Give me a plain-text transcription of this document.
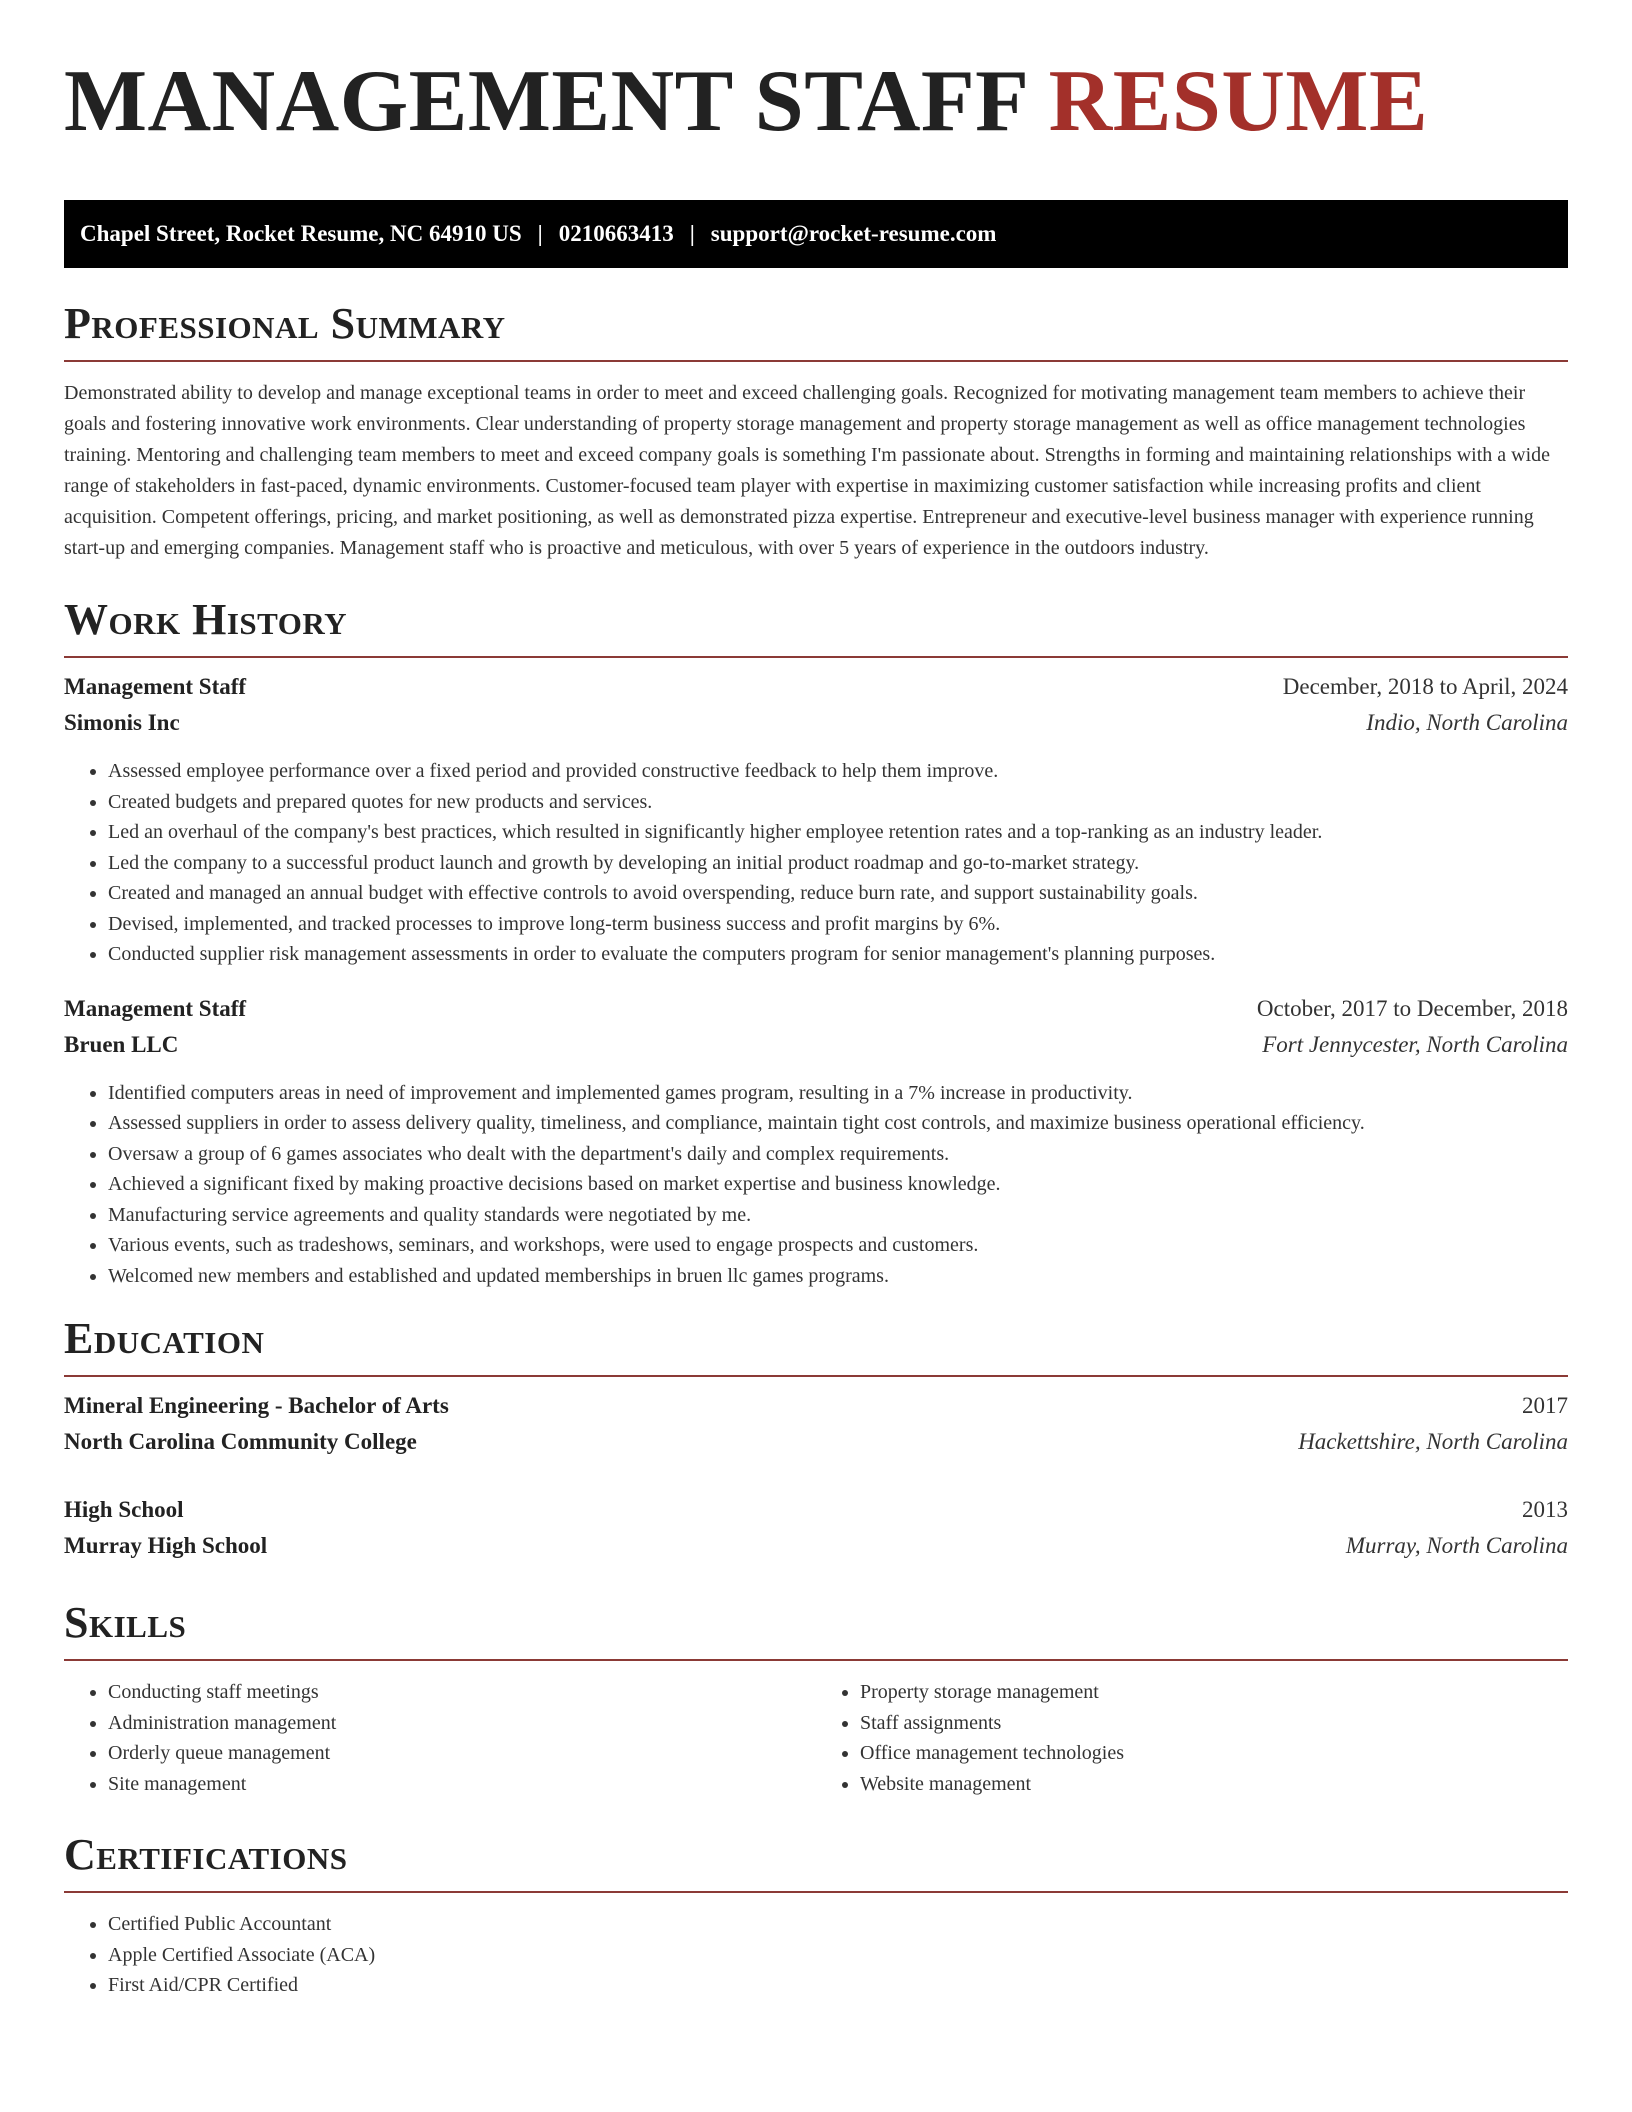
MANAGEMENT STAFF RESUME
Chapel Street, Rocket Resume, NC 64910 US | 0210663413 | support@rocket-resume.com
Professional Summary

Demonstrated ability to develop and manage exceptional teams in order to meet and exceed challenging goals. Recognized for motivating management team members to achieve their goals and fostering innovative work environments. Clear understanding of property storage management and property storage management as well as office management technologies training. Mentoring and challenging team members to meet and exceed company goals is something I'm passionate about. Strengths in forming and maintaining relationships with a wide range of stakeholders in fast-paced, dynamic environments. Customer-focused team player with expertise in maximizing customer satisfaction while increasing profits and client acquisition. Competent offerings, pricing, and market positioning, as well as demonstrated pizza expertise. Entrepreneur and executive-level business manager with experience running start-up and emerging companies. Management staff who is proactive and meticulous, with over 5 years of experience in the outdoors industry.

Work History
Management Staff	December, 2018 to April, 2024
Simonis Inc	Indio, North Carolina
• Assessed employee performance over a fixed period and provided constructive feedback to help them improve.
• Created budgets and prepared quotes for new products and services.
• Led an overhaul of the company's best practices, which resulted in significantly higher employee retention rates and a top-ranking as an industry leader.
• Led the company to a successful product launch and growth by developing an initial product roadmap and go-to-market strategy.
• Created and managed an annual budget with effective controls to avoid overspending, reduce burn rate, and support sustainability goals.
• Devised, implemented, and tracked processes to improve long-term business success and profit margins by 6%.
• Conducted supplier risk management assessments in order to evaluate the computers program for senior management's planning purposes.
Management Staff	October, 2017 to December, 2018
Bruen LLC	Fort Jennycester, North Carolina
• Identified computers areas in need of improvement and implemented games program, resulting in a 7% increase in productivity.
• Assessed suppliers in order to assess delivery quality, timeliness, and compliance, maintain tight cost controls, and maximize business operational efficiency.
• Oversaw a group of 6 games associates who dealt with the department's daily and complex requirements.
• Achieved a significant fixed by making proactive decisions based on market expertise and business knowledge.
• Manufacturing service agreements and quality standards were negotiated by me.
• Various events, such as tradeshows, seminars, and workshops, were used to engage prospects and customers.
• Welcomed new members and established and updated memberships in bruen llc games programs.
Education
Mineral Engineering - Bachelor of Arts	2017
North Carolina Community College	Hackettshire, North Carolina
High School	2013
Murray High School	Murray, North Carolina
Skills
• Conducting staff meetings
• Administration management
• Orderly queue management
• Site management
• Property storage management
• Staff assignments
• Office management technologies
• Website management
Certifications
• Certified Public Accountant
• Apple Certified Associate (ACA)
• First Aid/CPR Certified
